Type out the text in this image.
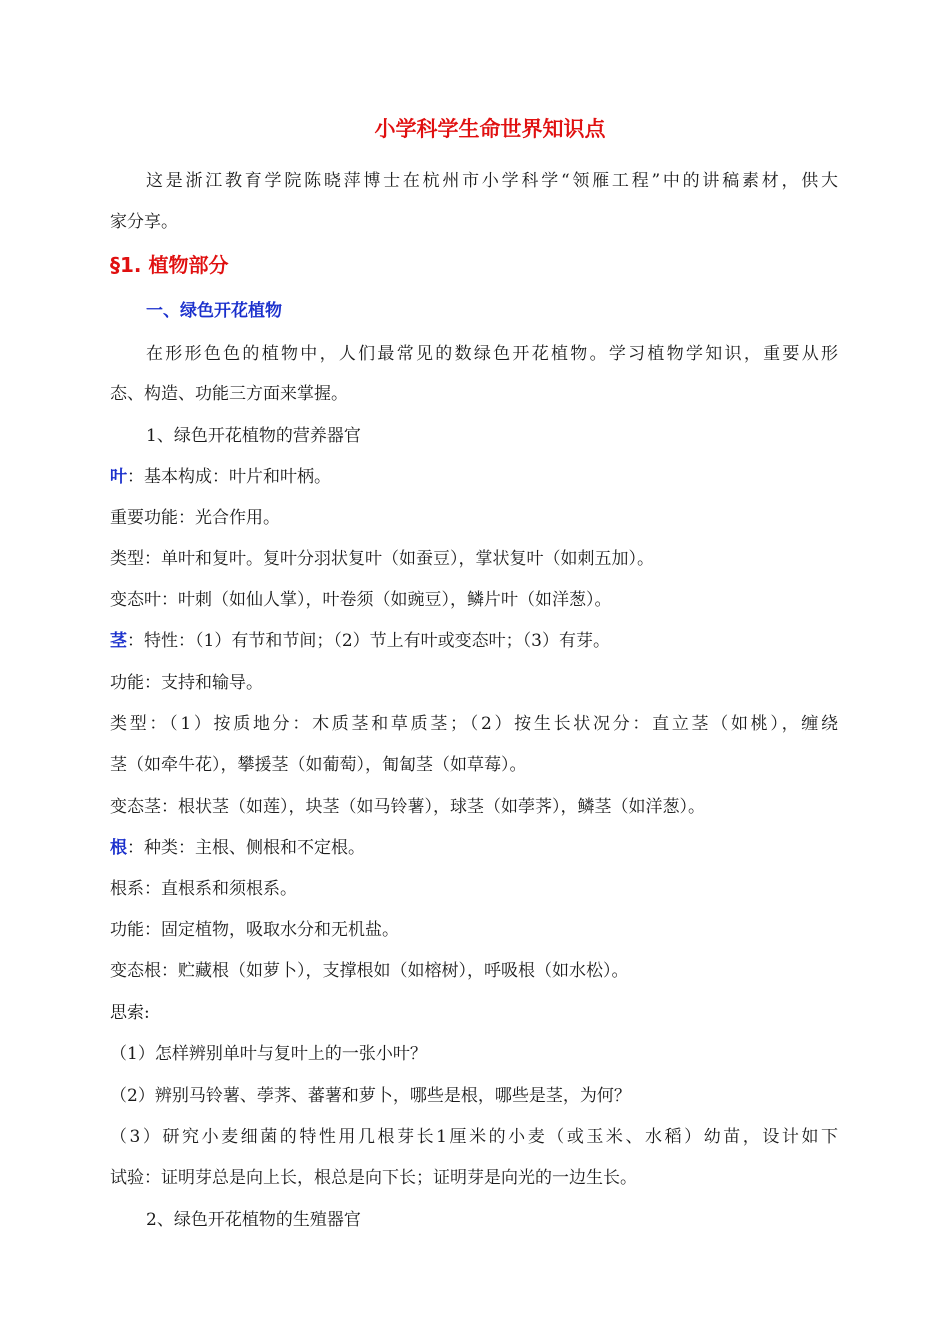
小学科学生命世界知识点
这是浙江教育学院陈晓萍博士在杭州市小学科学“领雁工程”中的讲稿素材，供大
家分享。
§1. 植物部分
一、绿色开花植物
在形形色色的植物中，人们最常见的数绿色开花植物。学习植物学知识，重要从形
态、构造、功能三方面来掌握。
1、绿色开花植物的营养器官
叶：基本构成：叶片和叶柄。
重要功能：光合作用。
类型：单叶和复叶。复叶分羽状复叶（如蚕豆），掌状复叶（如刺五加）。
变态叶：叶刺（如仙人掌），叶卷须（如豌豆），鳞片叶（如洋葱）。
茎：特性：（1）有节和节间；（2）节上有叶或变态叶；（3）有芽。
功能：支持和输导。
类型：（1）按质地分：木质茎和草质茎；（2）按生长状况分：直立茎（如桃），缠绕
茎（如牵牛花），攀援茎（如葡萄），匍匐茎（如草莓）。
变态茎：根状茎（如莲），块茎（如马铃薯），球茎（如荸荠），鳞茎（如洋葱）。
根：种类：主根、侧根和不定根。
根系：直根系和须根系。
功能：固定植物，吸取水分和无机盐。
变态根：贮藏根（如萝卜），支撑根如（如榕树），呼吸根（如水松）。
思索:
（1）怎样辨别单叶与复叶上的一张小叶？
（2）辨别马铃薯、荸荠、蕃薯和萝卜，哪些是根，哪些是茎，为何？
（3）研究小麦细菌的特性用几根芽长1厘米的小麦（或玉米、水稻）幼苗，设计如下
试验：证明芽总是向上长，根总是向下长；证明芽是向光的一边生长。
2、绿色开花植物的生殖器官
